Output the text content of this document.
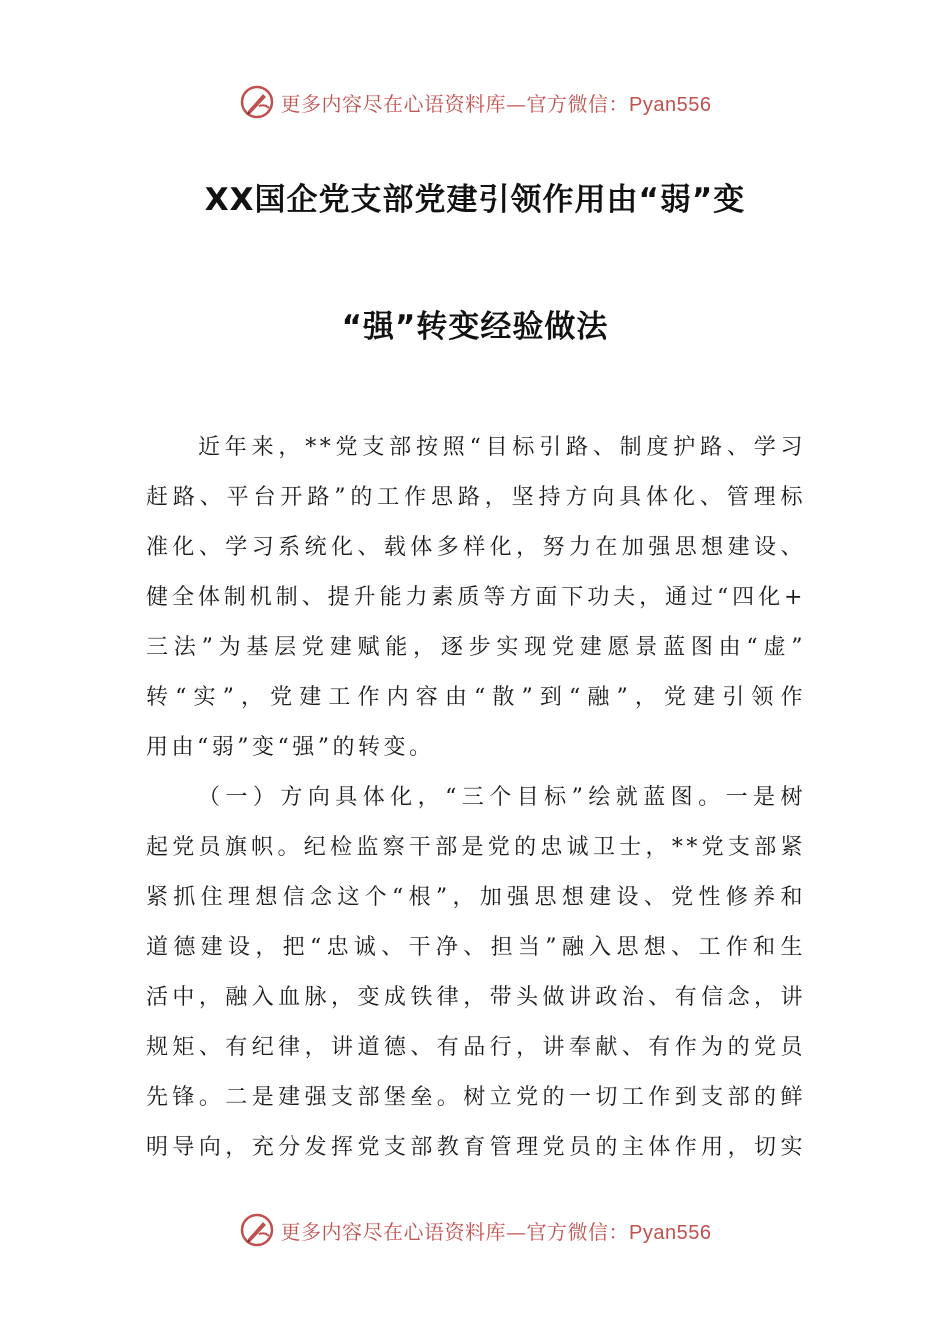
更多内容尽在心语资料库—官方微信：Pyan556
XX国企党支部党建引领作用由“弱”变
“强”转变经验做法
近年来，**党支部按照“目标引路、制度护路、学习
赶路、平台开路”的工作思路，坚持方向具体化、管理标
准化、学习系统化、载体多样化，努力在加强思想建设、
健全体制机制、提升能力素质等方面下功夫，通过“四化+
三法”为基层党建赋能，逐步实现党建愿景蓝图由“虚”
转“实”，党建工作内容由“散”到“融”，党建引领作
用由“弱”变“强”的转变。
（一）方向具体化，“三个目标”绘就蓝图。一是树
起党员旗帜。纪检监察干部是党的忠诚卫士，**党支部紧
紧抓住理想信念这个“根”，加强思想建设、党性修养和
道德建设，把“忠诚、干净、担当”融入思想、工作和生
活中，融入血脉，变成铁律，带头做讲政治、有信念，讲
规矩、有纪律，讲道德、有品行，讲奉献、有作为的党员
先锋。二是建强支部堡垒。树立党的一切工作到支部的鲜
明导向，充分发挥党支部教育管理党员的主体作用，切实
更多内容尽在心语资料库—官方微信：Pyan556
